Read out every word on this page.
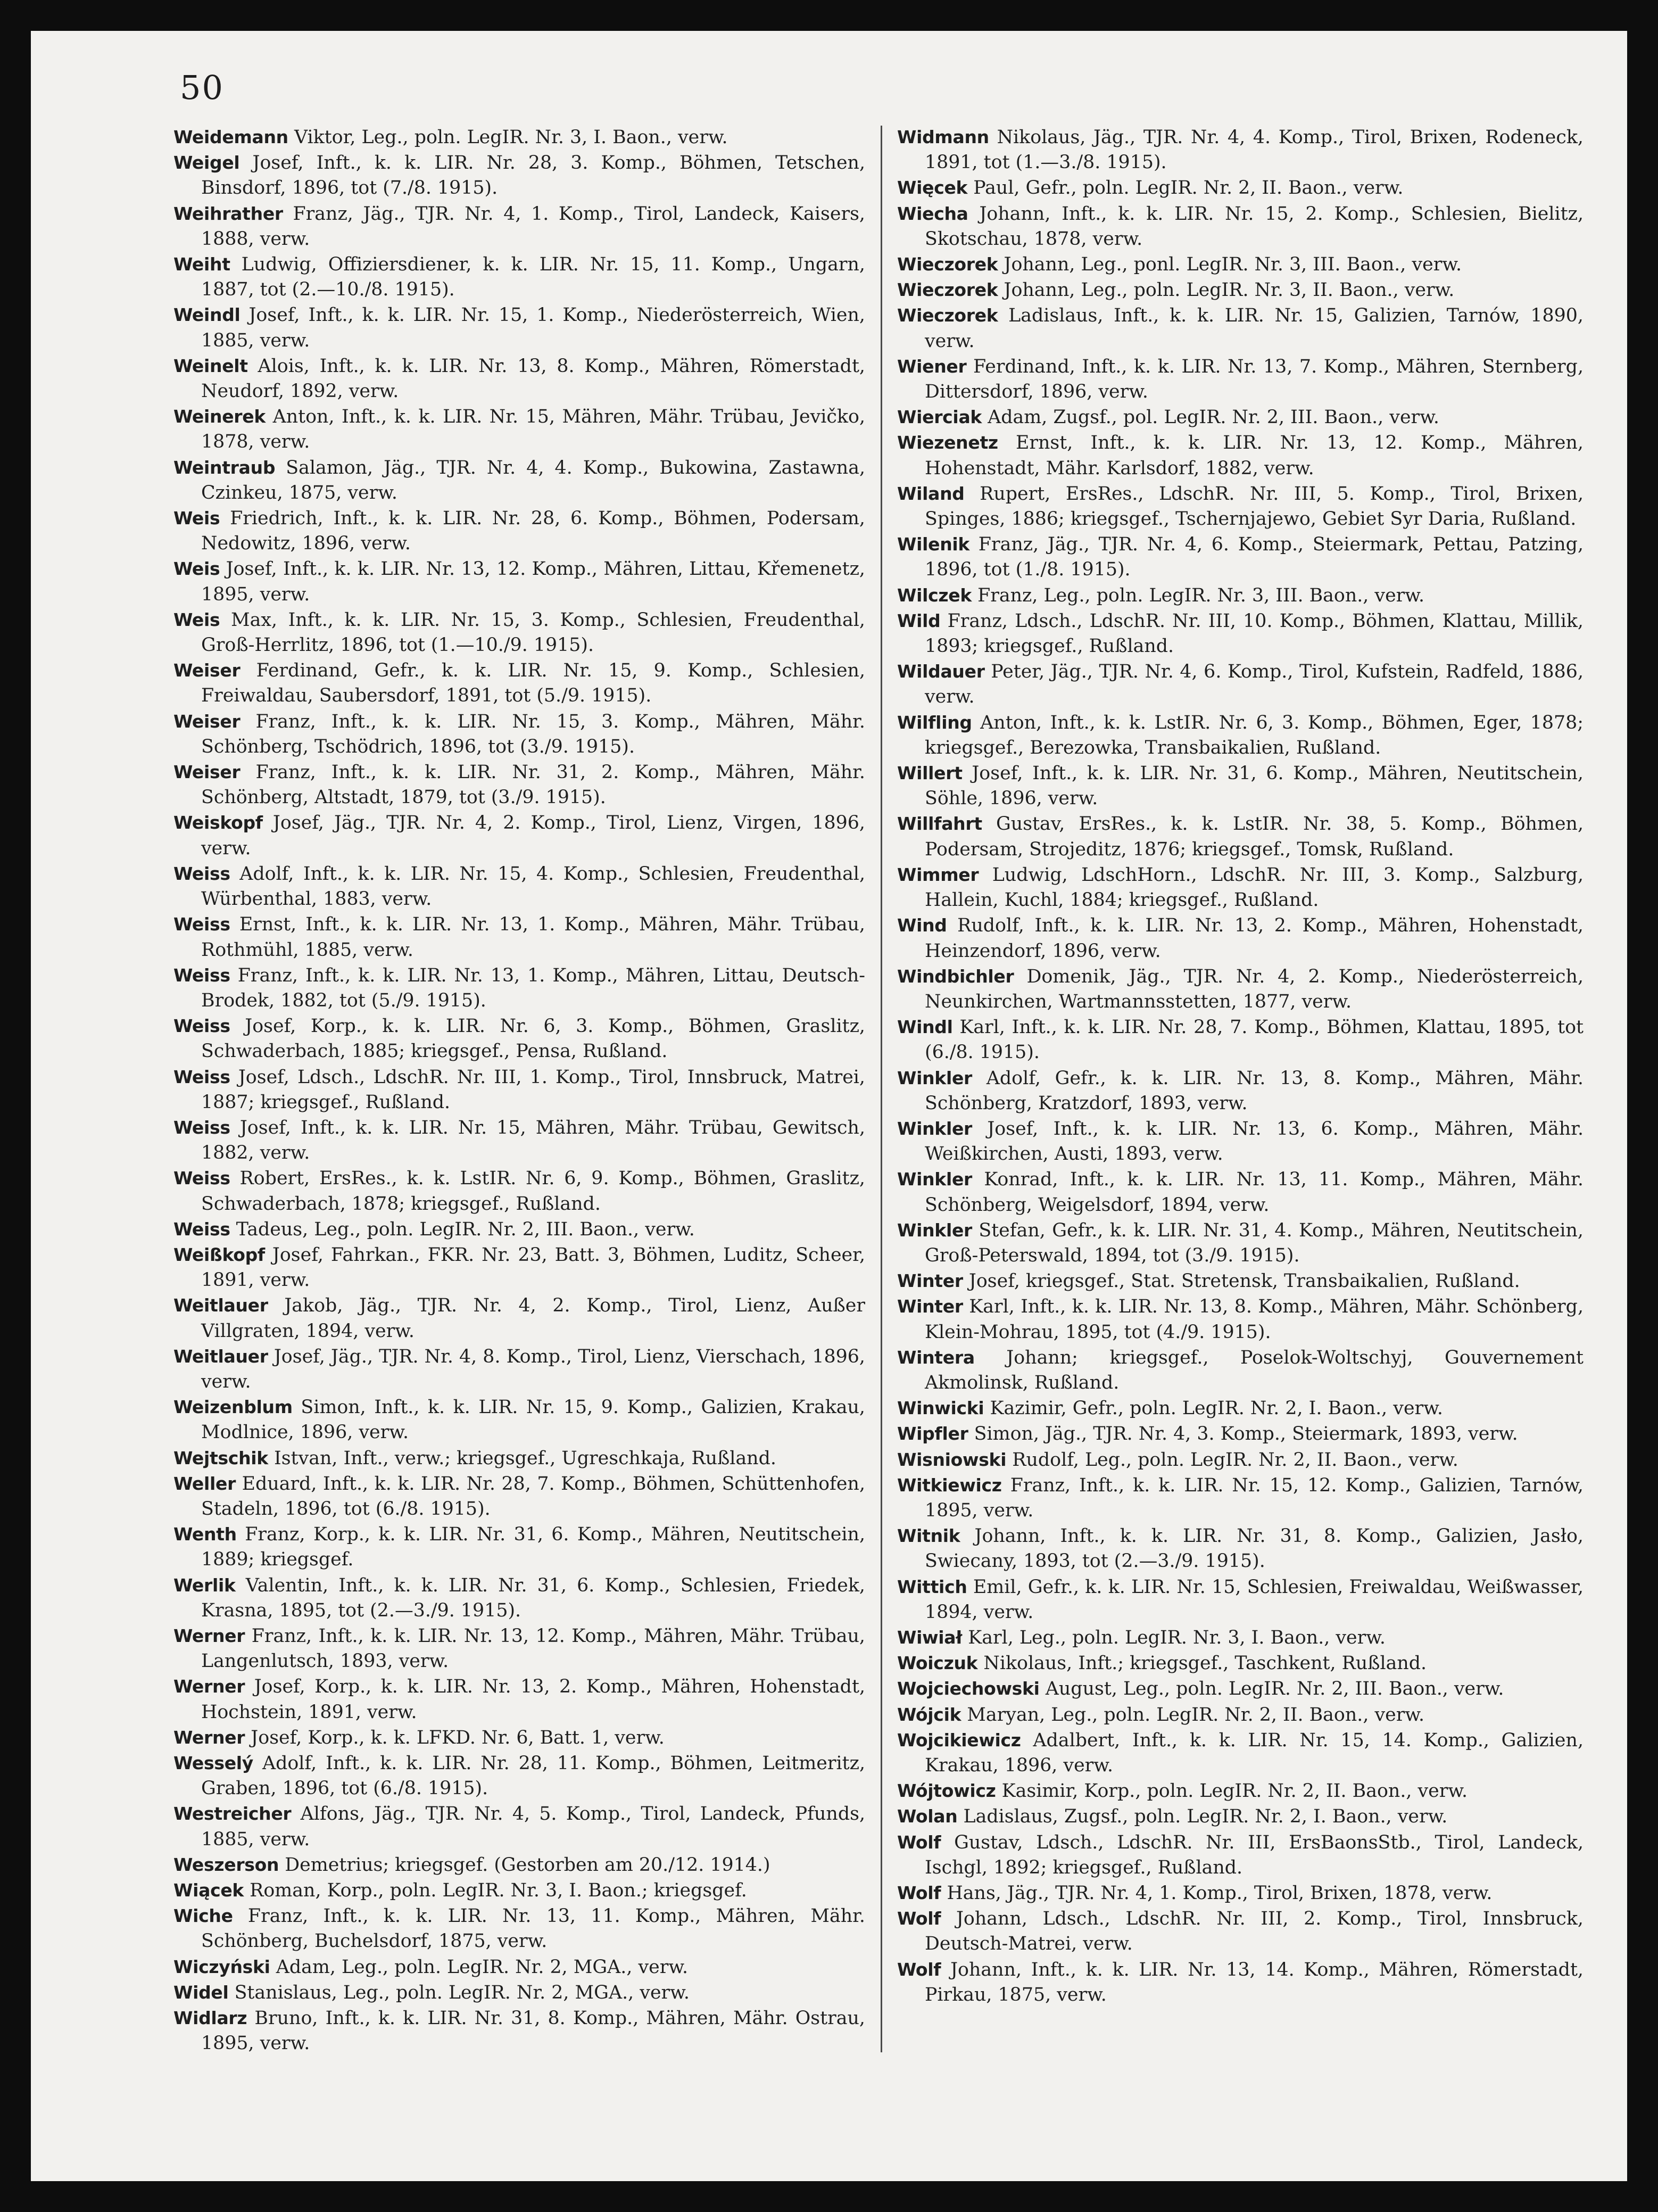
50

Weidemann Viktor, Leg., poln. LegIR. Nr. 3, I. Baon., verw.

Weigel Josef, Inft., k. k. LIR. Nr. 28, 3. Komp., Böhmen, Tetschen, Binsdorf, 1896, tot (7./8. 1915).

Weihrather Franz, Jäg., TJR. Nr. 4, 1. Komp., Tirol, Landeck, Kaisers, 1888, verw.

Weiht Ludwig, Offiziersdiener, k. k. LIR. Nr. 15, 11. Komp., Ungarn, 1887, tot (2.—10./8. 1915).

Weindl Josef, Inft., k. k. LIR. Nr. 15, 1. Komp., Niederösterreich, Wien, 1885, verw.

Weinelt Alois, Inft., k. k. LIR. Nr. 13, 8. Komp., Mähren, Römerstadt, Neudorf, 1892, verw.

Weinerek Anton, Inft., k. k. LIR. Nr. 15, Mähren, Mähr. Trübau, Jevičko, 1878, verw.

Weintraub Salamon, Jäg., TJR. Nr. 4, 4. Komp., Bukowina, Zastawna, Czinkeu, 1875, verw.

Weis Friedrich, Inft., k. k. LIR. Nr. 28, 6. Komp., Böhmen, Podersam, Nedowitz, 1896, verw.

Weis Josef, Inft., k. k. LIR. Nr. 13, 12. Komp., Mähren, Littau, Křemenetz, 1895, verw.

Weis Max, Inft., k. k. LIR. Nr. 15, 3. Komp., Schlesien, Freudenthal, Groß-Herrlitz, 1896, tot (1.—10./9. 1915).

Weiser Ferdinand, Gefr., k. k. LIR. Nr. 15, 9. Komp., Schlesien, Freiwaldau, Saubersdorf, 1891, tot (5./9. 1915).

Weiser Franz, Inft., k. k. LIR. Nr. 15, 3. Komp., Mähren, Mähr. Schönberg, Tschödrich, 1896, tot (3./9. 1915).

Weiser Franz, Inft., k. k. LIR. Nr. 31, 2. Komp., Mähren, Mähr. Schönberg, Altstadt, 1879, tot (3./9. 1915).

Weiskopf Josef, Jäg., TJR. Nr. 4, 2. Komp., Tirol, Lienz, Virgen, 1896, verw.

Weiss Adolf, Inft., k. k. LIR. Nr. 15, 4. Komp., Schlesien, Freudenthal, Würbenthal, 1883, verw.

Weiss Ernst, Inft., k. k. LIR. Nr. 13, 1. Komp., Mähren, Mähr. Trübau, Rothmühl, 1885, verw.

Weiss Franz, Inft., k. k. LIR. Nr. 13, 1. Komp., Mähren, Littau, Deutsch-Brodek, 1882, tot (5./9. 1915).

Weiss Josef, Korp., k. k. LIR. Nr. 6, 3. Komp., Böhmen, Graslitz, Schwaderbach, 1885; kriegsgef., Pensa, Rußland.

Weiss Josef, Ldsch., LdschR. Nr. III, 1. Komp., Tirol, Innsbruck, Matrei, 1887; kriegsgef., Rußland.

Weiss Josef, Inft., k. k. LIR. Nr. 15, Mähren, Mähr. Trübau, Gewitsch, 1882, verw.

Weiss Robert, ErsRes., k. k. LstIR. Nr. 6, 9. Komp., Böhmen, Graslitz, Schwaderbach, 1878; kriegsgef., Rußland.

Weiss Tadeus, Leg., poln. LegIR. Nr. 2, III. Baon., verw.

Weißkopf Josef, Fahrkan., FKR. Nr. 23, Batt. 3, Böhmen, Luditz, Scheer, 1891, verw.

Weitlauer Jakob, Jäg., TJR. Nr. 4, 2. Komp., Tirol, Lienz, Außer Villgraten, 1894, verw.

Weitlauer Josef, Jäg., TJR. Nr. 4, 8. Komp., Tirol, Lienz, Vierschach, 1896, verw.

Weizenblum Simon, Inft., k. k. LIR. Nr. 15, 9. Komp., Galizien, Krakau, Modlnice, 1896, verw.

Wejtschik Istvan, Inft., verw.; kriegsgef., Ugreschkaja, Rußland.

Weller Eduard, Inft., k. k. LIR. Nr. 28, 7. Komp., Böhmen, Schüttenhofen, Stadeln, 1896, tot (6./8. 1915).

Wenth Franz, Korp., k. k. LIR. Nr. 31, 6. Komp., Mähren, Neutitschein, 1889; kriegsgef.

Werlik Valentin, Inft., k. k. LIR. Nr. 31, 6. Komp., Schlesien, Friedek, Krasna, 1895, tot (2.—3./9. 1915).

Werner Franz, Inft., k. k. LIR. Nr. 13, 12. Komp., Mähren, Mähr. Trübau, Langenlutsch, 1893, verw.

Werner Josef, Korp., k. k. LIR. Nr. 13, 2. Komp., Mähren, Hohenstadt, Hochstein, 1891, verw.

Werner Josef, Korp., k. k. LFKD. Nr. 6, Batt. 1, verw.

Wesselý Adolf, Inft., k. k. LIR. Nr. 28, 11. Komp., Böhmen, Leitmeritz, Graben, 1896, tot (6./8. 1915).

Westreicher Alfons, Jäg., TJR. Nr. 4, 5. Komp., Tirol, Landeck, Pfunds, 1885, verw.

Weszerson Demetrius; kriegsgef. (Gestorben am 20./12. 1914.)

Wiącek Roman, Korp., poln. LegIR. Nr. 3, I. Baon.; kriegsgef.

Wiche Franz, Inft., k. k. LIR. Nr. 13, 11. Komp., Mähren, Mähr. Schönberg, Buchelsdorf, 1875, verw.

Wiczyński Adam, Leg., poln. LegIR. Nr. 2, MGA., verw.

Widel Stanislaus, Leg., poln. LegIR. Nr. 2, MGA., verw.

Widlarz Bruno, Inft., k. k. LIR. Nr. 31, 8. Komp., Mähren, Mähr. Ostrau, 1895, verw.

Widmann Nikolaus, Jäg., TJR. Nr. 4, 4. Komp., Tirol, Brixen, Rodeneck, 1891, tot (1.—3./8. 1915).

Więcek Paul, Gefr., poln. LegIR. Nr. 2, II. Baon., verw.

Wiecha Johann, Inft., k. k. LIR. Nr. 15, 2. Komp., Schlesien, Bielitz, Skotschau, 1878, verw.

Wieczorek Johann, Leg., ponl. LegIR. Nr. 3, III. Baon., verw.

Wieczorek Johann, Leg., poln. LegIR. Nr. 3, II. Baon., verw.

Wieczorek Ladislaus, Inft., k. k. LIR. Nr. 15, Galizien, Tarnów, 1890, verw.

Wiener Ferdinand, Inft., k. k. LIR. Nr. 13, 7. Komp., Mähren, Sternberg, Dittersdorf, 1896, verw.

Wierciak Adam, Zugsf., pol. LegIR. Nr. 2, III. Baon., verw.

Wiezenetz Ernst, Inft., k. k. LIR. Nr. 13, 12. Komp., Mähren, Hohenstadt, Mähr. Karlsdorf, 1882, verw.

Wiland Rupert, ErsRes., LdschR. Nr. III, 5. Komp., Tirol, Brixen, Spinges, 1886; kriegsgef., Tschernjajewo, Gebiet Syr Daria, Rußland.

Wilenik Franz, Jäg., TJR. Nr. 4, 6. Komp., Steiermark, Pettau, Patzing, 1896, tot (1./8. 1915).

Wilczek Franz, Leg., poln. LegIR. Nr. 3, III. Baon., verw.

Wild Franz, Ldsch., LdschR. Nr. III, 10. Komp., Böhmen, Klattau, Millik, 1893; kriegsgef., Rußland.

Wildauer Peter, Jäg., TJR. Nr. 4, 6. Komp., Tirol, Kufstein, Radfeld, 1886, verw.

Wilfling Anton, Inft., k. k. LstIR. Nr. 6, 3. Komp., Böhmen, Eger, 1878; kriegsgef., Berezowka, Transbaikalien, Rußland.

Willert Josef, Inft., k. k. LIR. Nr. 31, 6. Komp., Mähren, Neutitschein, Söhle, 1896, verw.

Willfahrt Gustav, ErsRes., k. k. LstIR. Nr. 38, 5. Komp., Böhmen, Podersam, Strojeditz, 1876; kriegsgef., Tomsk, Rußland.

Wimmer Ludwig, LdschHorn., LdschR. Nr. III, 3. Komp., Salzburg, Hallein, Kuchl, 1884; kriegsgef., Rußland.

Wind Rudolf, Inft., k. k. LIR. Nr. 13, 2. Komp., Mähren, Hohenstadt, Heinzendorf, 1896, verw.

Windbichler Domenik, Jäg., TJR. Nr. 4, 2. Komp., Niederösterreich, Neunkirchen, Wartmannsstetten, 1877, verw.

Windl Karl, Inft., k. k. LIR. Nr. 28, 7. Komp., Böhmen, Klattau, 1895, tot (6./8. 1915).

Winkler Adolf, Gefr., k. k. LIR. Nr. 13, 8. Komp., Mähren, Mähr. Schönberg, Kratzdorf, 1893, verw.

Winkler Josef, Inft., k. k. LIR. Nr. 13, 6. Komp., Mähren, Mähr. Weißkirchen, Austi, 1893, verw.

Winkler Konrad, Inft., k. k. LIR. Nr. 13, 11. Komp., Mähren, Mähr. Schönberg, Weigelsdorf, 1894, verw.

Winkler Stefan, Gefr., k. k. LIR. Nr. 31, 4. Komp., Mähren, Neutitschein, Groß-Peterswald, 1894, tot (3./9. 1915).

Winter Josef, kriegsgef., Stat. Stretensk, Transbaikalien, Rußland.

Winter Karl, Inft., k. k. LIR. Nr. 13, 8. Komp., Mähren, Mähr. Schönberg, Klein-Mohrau, 1895, tot (4./9. 1915).

Wintera Johann; kriegsgef., Poselok-Woltschyj, Gouvernement Akmolinsk, Rußland.

Winwicki Kazimir, Gefr., poln. LegIR. Nr. 2, I. Baon., verw.

Wipfler Simon, Jäg., TJR. Nr. 4, 3. Komp., Steiermark, 1893, verw.

Wisniowski Rudolf, Leg., poln. LegIR. Nr. 2, II. Baon., verw.

Witkiewicz Franz, Inft., k. k. LIR. Nr. 15, 12. Komp., Galizien, Tarnów, 1895, verw.

Witnik Johann, Inft., k. k. LIR. Nr. 31, 8. Komp., Galizien, Jasło, Swiecany, 1893, tot (2.—3./9. 1915).

Wittich Emil, Gefr., k. k. LIR. Nr. 15, Schlesien, Freiwaldau, Weißwasser, 1894, verw.

Wiwiał Karl, Leg., poln. LegIR. Nr. 3, I. Baon., verw.

Woiczuk Nikolaus, Inft.; kriegsgef., Taschkent, Rußland.

Wojciechowski August, Leg., poln. LegIR. Nr. 2, III. Baon., verw.

Wójcik Maryan, Leg., poln. LegIR. Nr. 2, II. Baon., verw.

Wojcikiewicz Adalbert, Inft., k. k. LIR. Nr. 15, 14. Komp., Galizien, Krakau, 1896, verw.

Wójtowicz Kasimir, Korp., poln. LegIR. Nr. 2, II. Baon., verw.

Wolan Ladislaus, Zugsf., poln. LegIR. Nr. 2, I. Baon., verw.

Wolf Gustav, Ldsch., LdschR. Nr. III, ErsBaonsStb., Tirol, Landeck, Ischgl, 1892; kriegsgef., Rußland.

Wolf Hans, Jäg., TJR. Nr. 4, 1. Komp., Tirol, Brixen, 1878, verw.

Wolf Johann, Ldsch., LdschR. Nr. III, 2. Komp., Tirol, Innsbruck, Deutsch-Matrei, verw.

Wolf Johann, Inft., k. k. LIR. Nr. 13, 14. Komp., Mähren, Römerstadt, Pirkau, 1875, verw.
